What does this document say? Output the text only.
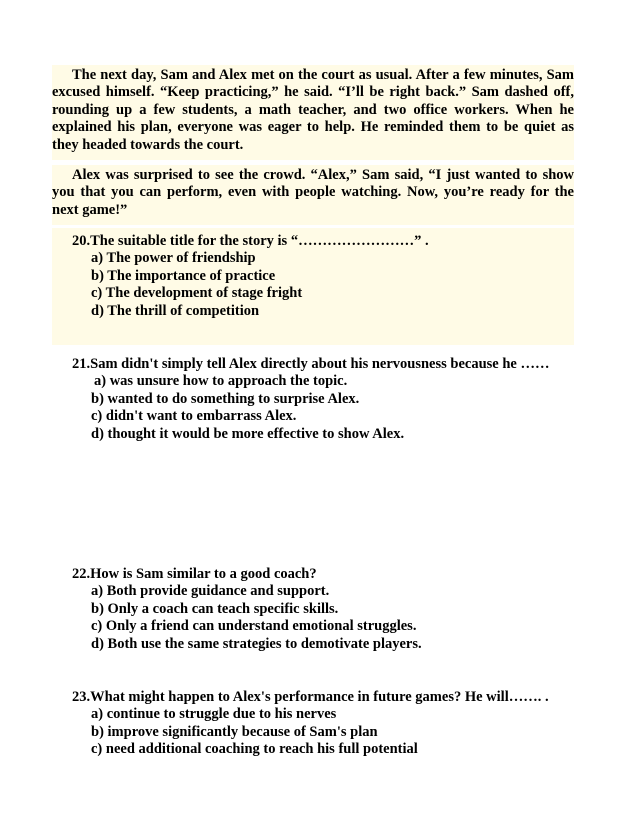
The next day, Sam and Alex met on the court as usual. After a few minutes, Sam excused himself. “Keep practicing,” he said. “I’ll be right back.” Sam dashed off, rounding up a few students, a math teacher, and two office workers. When he explained his plan, everyone was eager to help. He reminded them to be quiet as they headed towards the court.

Alex was surprised to see the crowd. “Alex,” Sam said, “I just wanted to show you that you can perform, even with people watching. Now, you’re ready for the next game!”

20.The suitable title for the story is “……………………” .
a) The power of friendship
b) The importance of practice
c) The development of stage fright
d) The thrill of competition
21.Sam didn't simply tell Alex directly about his nervousness because he ……
a) was unsure how to approach the topic.
b) wanted to do something to surprise Alex.
c) didn't want to embarrass Alex.
d) thought it would be more effective to show Alex.
22.How is Sam similar to a good coach?
a) Both provide guidance and support.
b) Only a coach can teach specific skills.
c) Only a friend can understand emotional struggles.
d) Both use the same strategies to demotivate players.
23.What might happen to Alex's performance in future games? He will……. .
a) continue to struggle due to his nerves
b) improve significantly because of Sam's plan
c) need additional coaching to reach his full potential
